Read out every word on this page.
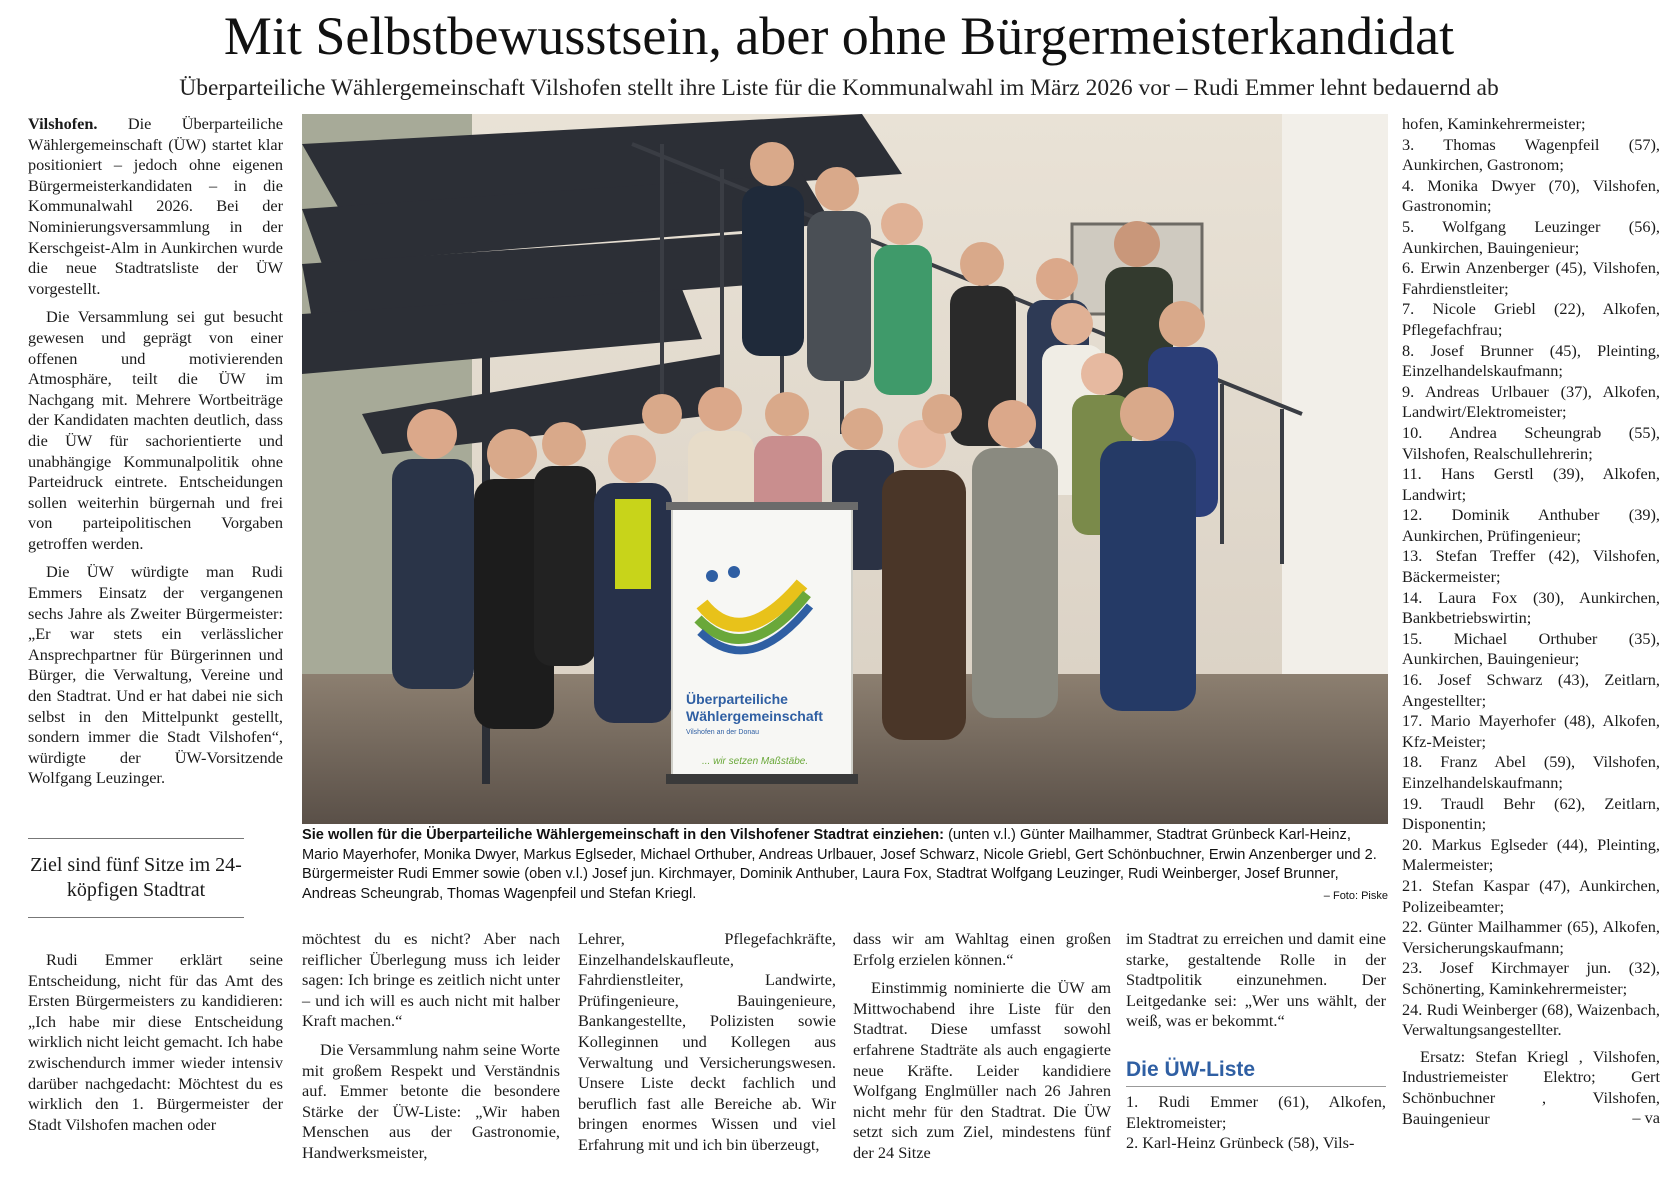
Mit Selbstbewusstsein, aber ohne Bürgermeisterkandidat
Überparteiliche Wählergemeinschaft Vilshofen stellt ihre Liste für die Kommunalwahl im März 2026 vor – Rudi Emmer lehnt bedauernd ab

Vilshofen. Die Überparteiliche Wählergemeinschaft (ÜW) startet klar positioniert – jedoch ohne eigenen Bürgermeisterkandidaten – in die Kommunalwahl 2026. Bei der Nominierungsversammlung in der Kerschgeist-Alm in Aunkirchen wurde die neue Stadtratsliste der ÜW vorgestellt.

Die Versammlung sei gut besucht gewesen und geprägt von einer offenen und motivierenden Atmosphäre, teilt die ÜW im Nachgang mit. Mehrere Wortbeiträge der Kandidaten machten deutlich, dass die ÜW für sachorientierte und unabhängige Kommunalpolitik ohne Parteidruck eintrete. Entscheidungen sollen weiterhin bürgernah und frei von parteipolitischen Vorgaben getroffen werden.

Die ÜW würdigte man Rudi Emmers Einsatz der vergangenen sechs Jahre als Zweiter Bürgermeister: „Er war stets ein verlässlicher Ansprechpartner für Bürgerinnen und Bürger, die Verwaltung, Vereine und den Stadtrat. Und er hat dabei nie sich selbst in den Mittelpunkt gestellt, sondern immer die Stadt Vilshofen“, würdigte der ÜW-Vorsitzende Wolfgang Leuzinger.

Ziel sind fünf Sitze im 24-köpfigen Stadtrat

Rudi Emmer erklärt seine Entscheidung, nicht für das Amt des Ersten Bürgermeisters zu kandidieren: „Ich habe mir diese Entscheidung wirklich nicht leicht gemacht. Ich habe zwischendurch immer wieder intensiv darüber nachgedacht: Möchtest du es wirklich den 1. Bürgermeister der Stadt Vilshofen machen oder

Überparteiliche
Wählergemeinschaft
Vilshofen an der Donau
... wir setzen Maßstäbe.
Sie wollen für die Überparteiliche Wählergemeinschaft in den Vilshofener Stadtrat einziehen: (unten v.l.) Günter Mailhammer, Stadtrat Grünbeck Karl-Heinz, Mario Mayerhofer, Monika Dwyer, Markus Eglseder, Michael Orthuber, Andreas Urlbauer, Josef Schwarz, Nicole Griebl, Gert Schönbuchner, Erwin Anzenberger und 2. Bürgermeister Rudi Emmer sowie (oben v.l.) Josef jun. Kirchmayer, Dominik Anthuber, Laura Fox, Stadtrat Wolfgang Leuzinger, Rudi Weinberger, Josef Brunner, Andreas Scheungrab, Thomas Wagenpfeil und Stefan Kriegl.	– Foto: Piske

möchtest du es nicht? Aber nach reiflicher Überlegung muss ich leider sagen: Ich bringe es zeitlich nicht unter – und ich will es auch nicht mit halber Kraft machen.“

Die Versammlung nahm seine Worte mit großem Respekt und Verständnis auf. Emmer betonte die besondere Stärke der ÜW-Liste: „Wir haben Menschen aus der Gastronomie, Handwerksmeister,

Lehrer, Pflegefachkräfte, Einzelhandelskaufleute, Fahrdienstleiter, Landwirte, Prüfingenieure, Bauingenieure, Bankangestellte, Polizisten sowie Kolleginnen und Kollegen aus Verwaltung und Versicherungswesen. Unsere Liste deckt fachlich und beruflich fast alle Bereiche ab. Wir bringen enormes Wissen und viel Erfahrung mit und ich bin überzeugt,

dass wir am Wahltag einen großen Erfolg erzielen können.“

Einstimmig nominierte die ÜW am Mittwochabend ihre Liste für den Stadtrat. Diese umfasst sowohl erfahrene Stadträte als auch engagierte neue Kräfte. Leider kandidiere Wolfgang Englmüller nach 26 Jahren nicht mehr für den Stadtrat. Die ÜW setzt sich zum Ziel, mindestens fünf der 24 Sitze

im Stadtrat zu erreichen und damit eine starke, gestaltende Rolle in der Stadtpolitik einzunehmen. Der Leitgedanke sei: „Wer uns wählt, der weiß, was er bekommt.“

Die ÜW-Liste

1. Rudi Emmer (61), Alkofen, Elektromeister;

2. Karl-Heinz Grünbeck (58), Vils-

hofen, Kaminkehrermeister;

3. Thomas Wagenpfeil (57), Aunkirchen, Gastronom;

4. Monika Dwyer (70), Vilshofen, Gastronomin;

5. Wolfgang Leuzinger (56), Aunkirchen, Bauingenieur;

6. Erwin Anzenberger (45), Vilshofen, Fahrdienstleiter;

7. Nicole Griebl (22), Alkofen, Pflegefachfrau;

8. Josef Brunner (45), Pleinting, Einzelhandelskaufmann;

9. Andreas Urlbauer (37), Alkofen, Landwirt/Elektromeister;

10. Andrea Scheungrab (55), Vilshofen, Realschullehrerin;

11. Hans Gerstl (39), Alkofen, Landwirt;

12. Dominik Anthuber (39), Aunkirchen, Prüfingenieur;

13. Stefan Treffer (42), Vilshofen, Bäckermeister;

14. Laura Fox (30), Aunkirchen, Bankbetriebswirtin;

15. Michael Orthuber (35), Aunkirchen, Bauingenieur;

16. Josef Schwarz (43), Zeitlarn, Angestellter;

17. Mario Mayerhofer (48), Alkofen, Kfz-Meister;

18. Franz Abel (59), Vilshofen, Einzelhandelskaufmann;

19. Traudl Behr (62), Zeitlarn, Disponentin;

20. Markus Eglseder (44), Pleinting, Malermeister;

21. Stefan Kaspar (47), Aunkirchen, Polizeibeamter;

22. Günter Mailhammer (65), Alkofen, Versicherungskaufmann;

23. Josef Kirchmayer jun. (32), Schönerting, Kaminkehrermeister;

24. Rudi Weinberger (68), Waizenbach, Verwaltungsangestellter.

Ersatz: Stefan Kriegl , Vilshofen, Industriemeister Elektro; Gert Schönbuchner , Vilshofen, Bauingenieur	– va
